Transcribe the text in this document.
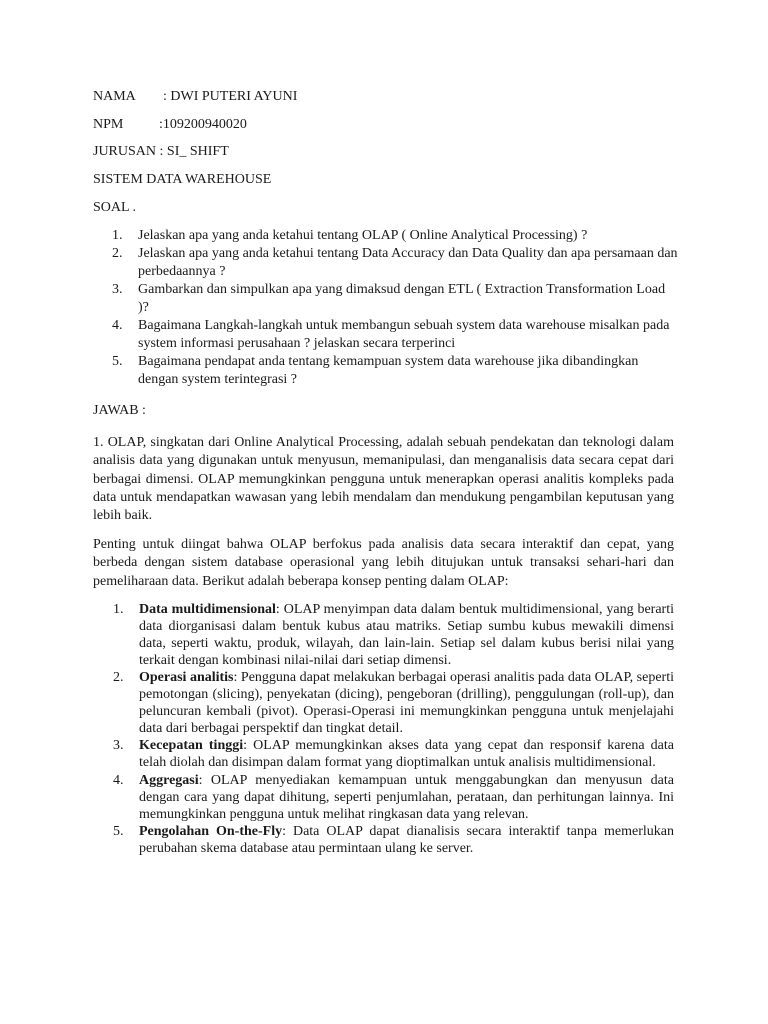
NAMA : DWI PUTERI AYUNI

NPM	:109200940020

JURUSAN : SI_ SHIFT

SISTEM DATA WAREHOUSE

SOAL .

1. Jelaskan apa yang anda ketahui tentang OLAP ( Online Analytical Processing) ?
2. Jelaskan apa yang anda ketahui tentang Data Accuracy dan Data Quality dan apa persamaan dan perbedaannya ?
3. Gambarkan dan simpulkan apa yang dimaksud dengan ETL ( Extraction Transformation Load )?
4. Bagaimana Langkah-langkah untuk membangun sebuah system data warehouse misalkan pada system informasi perusahaan ? jelaskan secara terperinci
5. Bagaimana pendapat anda tentang kemampuan system data warehouse jika dibandingkan dengan system terintegrasi ?

JAWAB :

1. OLAP, singkatan dari Online Analytical Processing, adalah sebuah pendekatan dan teknologi dalam analisis data yang digunakan untuk menyusun, memanipulasi, dan menganalisis data secara cepat dari berbagai dimensi. OLAP memungkinkan pengguna untuk menerapkan operasi analitis kompleks pada data untuk mendapatkan wawasan yang lebih mendalam dan mendukung pengambilan keputusan yang lebih baik.

Penting untuk diingat bahwa OLAP berfokus pada analisis data secara interaktif dan cepat, yang berbeda dengan sistem database operasional yang lebih ditujukan untuk transaksi sehari-hari dan pemeliharaan data. Berikut adalah beberapa konsep penting dalam OLAP:

1. Data multidimensional: OLAP menyimpan data dalam bentuk multidimensional, yang berarti data diorganisasi dalam bentuk kubus atau matriks. Setiap sumbu kubus mewakili dimensi data, seperti waktu, produk, wilayah, dan lain-lain. Setiap sel dalam kubus berisi nilai yang terkait dengan kombinasi nilai-nilai dari setiap dimensi.
2. Operasi analitis: Pengguna dapat melakukan berbagai operasi analitis pada data OLAP, seperti pemotongan (slicing), penyekatan (dicing), pengeboran (drilling), penggulungan (roll-up), dan peluncuran kembali (pivot). Operasi-Operasi ini memungkinkan pengguna untuk menjelajahi data dari berbagai perspektif dan tingkat detail.
3. Kecepatan tinggi: OLAP memungkinkan akses data yang cepat dan responsif karena data telah diolah dan disimpan dalam format yang dioptimalkan untuk analisis multidimensional.
4. Aggregasi: OLAP menyediakan kemampuan untuk menggabungkan dan menyusun data dengan cara yang dapat dihitung, seperti penjumlahan, perataan, dan perhitungan lainnya. Ini memungkinkan pengguna untuk melihat ringkasan data yang relevan.
5. Pengolahan On-the-Fly: Data OLAP dapat dianalisis secara interaktif tanpa memerlukan perubahan skema database atau permintaan ulang ke server.
